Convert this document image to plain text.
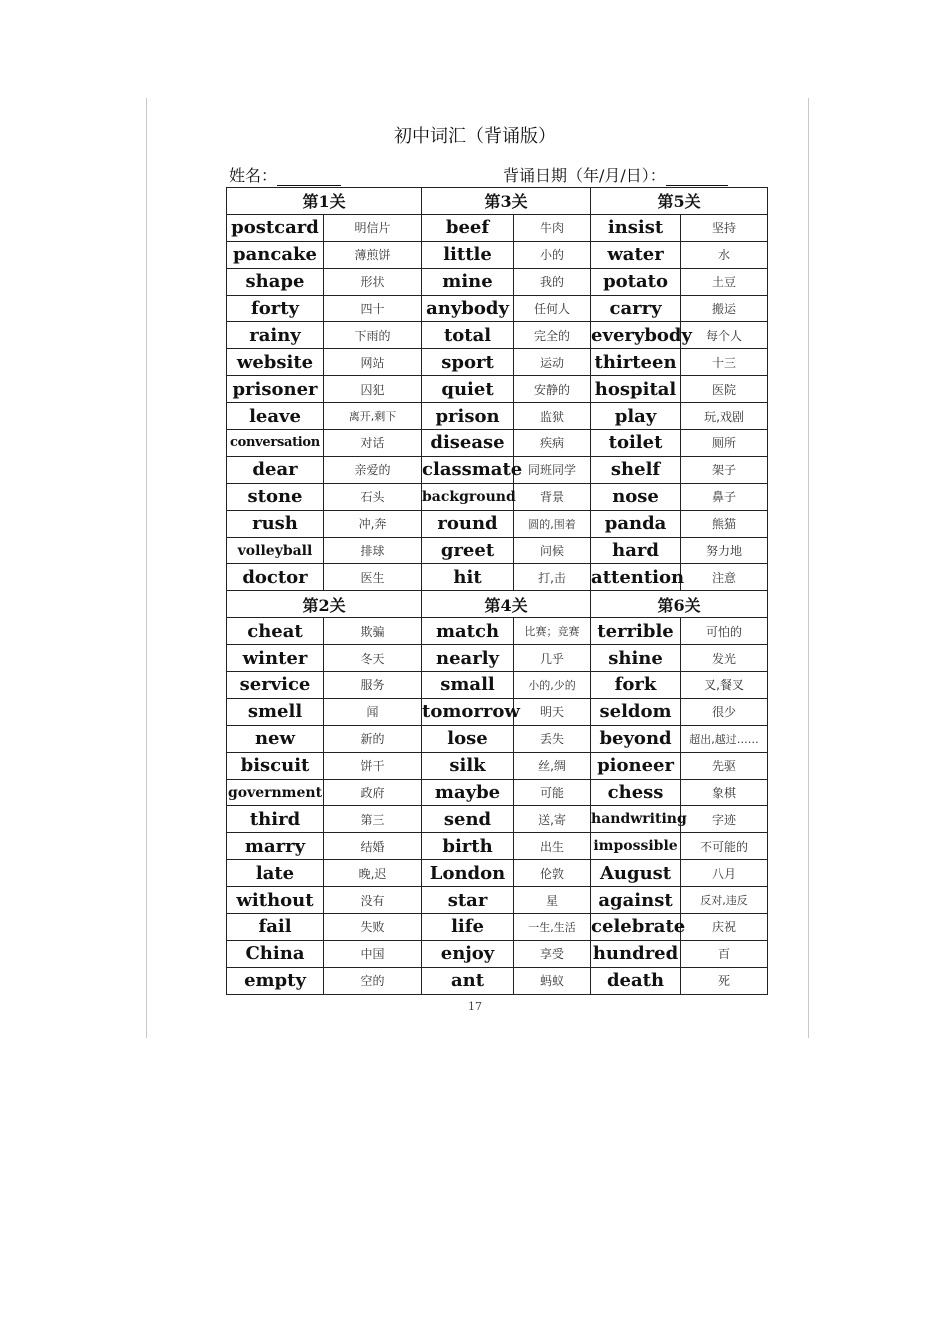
初中词汇（背诵版）
姓名：	背诵日期（年/月/日）：
第1关		第3关		第5关	
postcard	明信片	beef	牛肉	insist	坚持
pancake	薄煎饼	little	小的	water	水
shape	形状	mine	我的	potato	土豆
forty	四十	anybody	任何人	carry	搬运
rainy	下雨的	total	完全的	everybody	每个人
website	网站	sport	运动	thirteen	十三
prisoner	囚犯	quiet	安静的	hospital	医院
leave	离开,剩下	prison	监狱	play	玩,戏剧
conversation	对话	disease	疾病	toilet	厕所
dear	亲爱的	classmate	同班同学	shelf	架子
stone	石头	background	背景	nose	鼻子
rush	冲,奔	round	圆的,围着	panda	熊猫
volleyball	排球	greet	问候	hard	努力地
doctor	医生	hit	打,击	attention	注意
第2关		第4关		第6关	
cheat	欺骗	match	比赛；竞赛	terrible	可怕的
winter	冬天	nearly	几乎	shine	发光
service	服务	small	小的,少的	fork	叉,餐叉
smell	闻	tomorrow	明天	seldom	很少
new	新的	lose	丢失	beyond	超出,越过……
biscuit	饼干	silk	丝,绸	pioneer	先驱
government	政府	maybe	可能	chess	象棋
third	第三	send	送,寄	handwriting	字迹
marry	结婚	birth	出生	impossible	不可能的
late	晚,迟	London	伦敦	August	八月
without	没有	star	星	against	反对,违反
fail	失败	life	一生,生活	celebrate	庆祝
China	中国	enjoy	享受	hundred	百
empty	空的	ant	蚂蚁	death	死
17
